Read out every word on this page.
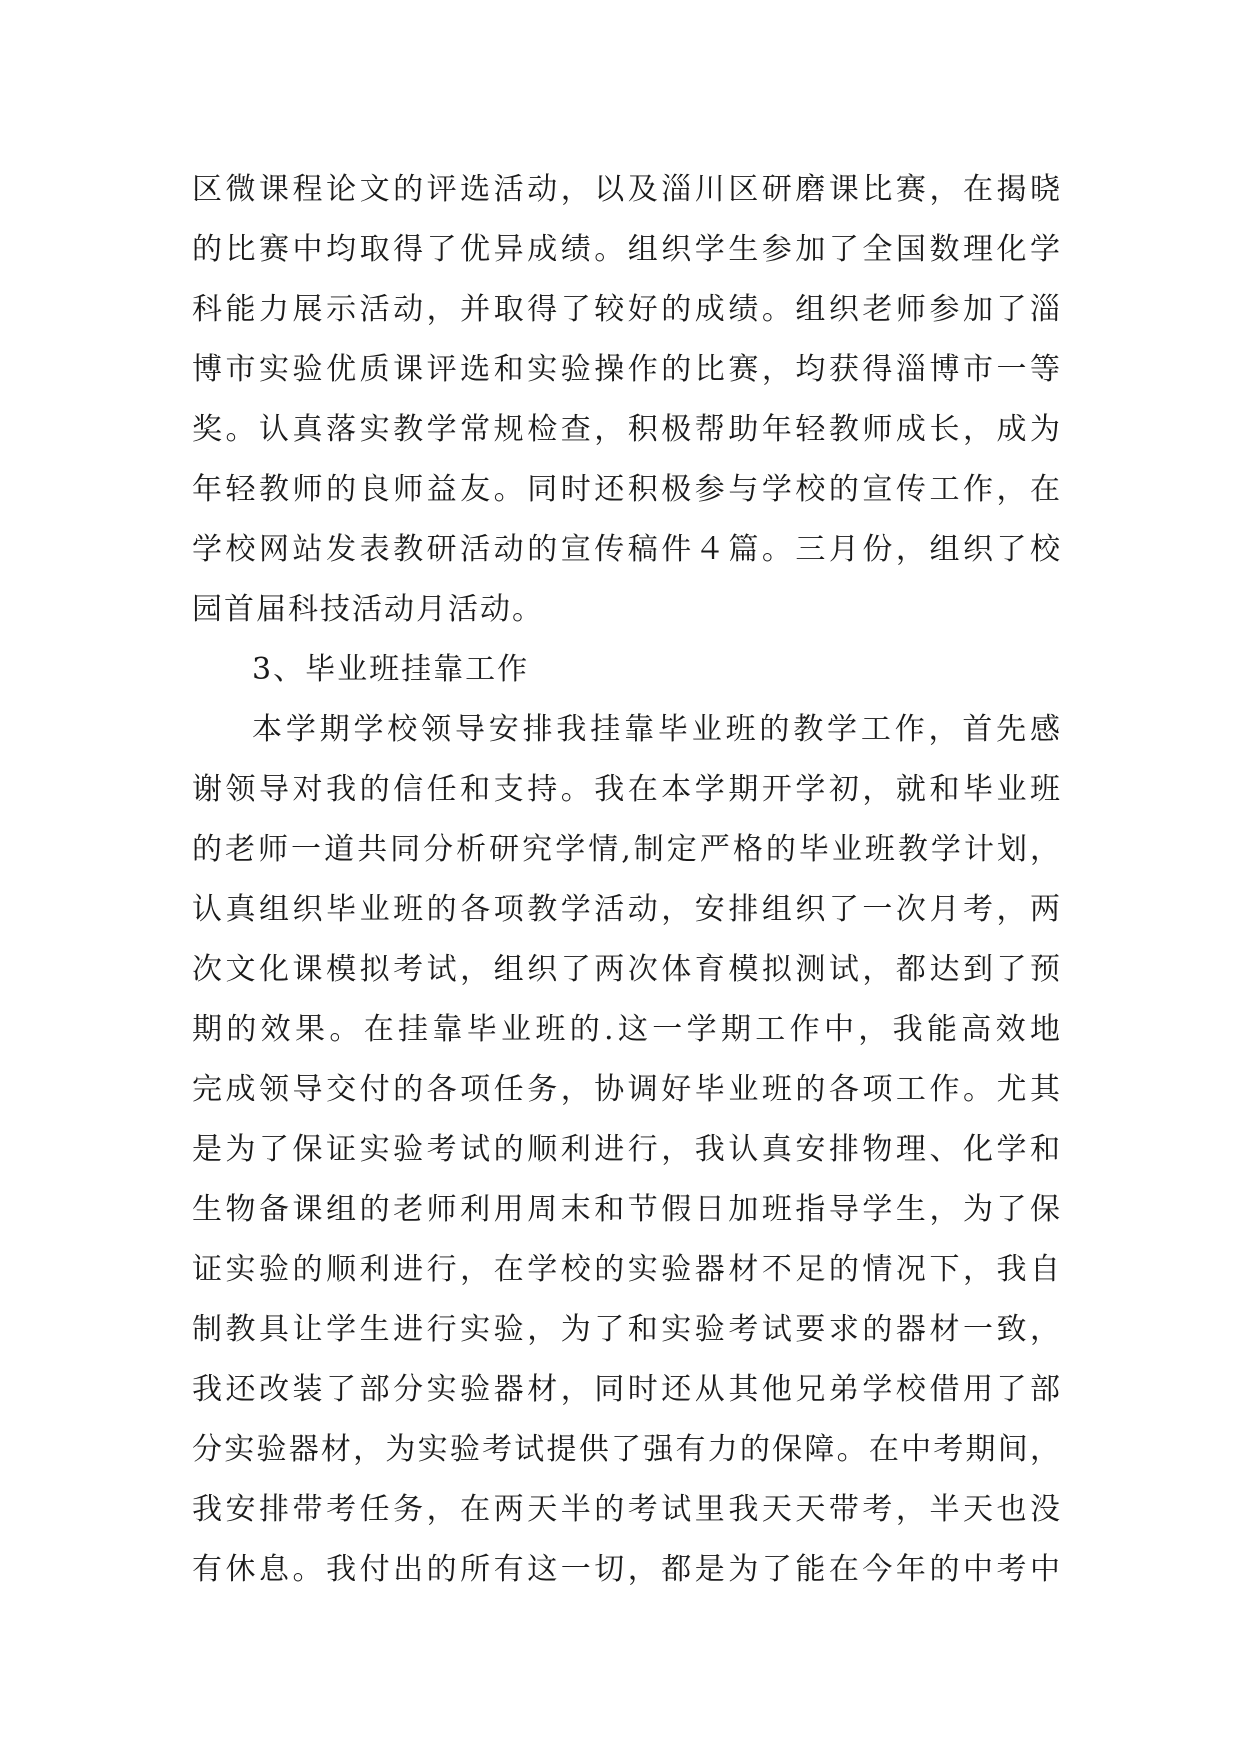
区微课程论文的评选活动，以及淄川区研磨课比赛，在揭晓
的比赛中均取得了优异成绩。组织学生参加了全国数理化学
科能力展示活动，并取得了较好的成绩。组织老师参加了淄
博市实验优质课评选和实验操作的比赛，均获得淄博市一等
奖。认真落实教学常规检查，积极帮助年轻教师成长，成为
年轻教师的良师益友。同时还积极参与学校的宣传工作，在
学校网站发表教研活动的宣传稿件４篇。三月份，组织了校
园首届科技活动月活动。
3、毕业班挂靠工作
本学期学校领导安排我挂靠毕业班的教学工作，首先感
谢领导对我的信任和支持。我在本学期开学初，就和毕业班
的老师一道共同分析研究学情,制定严格的毕业班教学计划，
认真组织毕业班的各项教学活动，安排组织了一次月考，两
次文化课模拟考试，组织了两次体育模拟测试，都达到了预
期的效果。在挂靠毕业班的.这一学期工作中，我能高效地
完成领导交付的各项任务，协调好毕业班的各项工作。尤其
是为了保证实验考试的顺利进行，我认真安排物理、化学和
生物备课组的老师利用周末和节假日加班指导学生，为了保
证实验的顺利进行，在学校的实验器材不足的情况下，我自
制教具让学生进行实验，为了和实验考试要求的器材一致，
我还改装了部分实验器材，同时还从其他兄弟学校借用了部
分实验器材，为实验考试提供了强有力的保障。在中考期间，
我安排带考任务，在两天半的考试里我天天带考，半天也没
有休息。我付出的所有这一切，都是为了能在今年的中考中
